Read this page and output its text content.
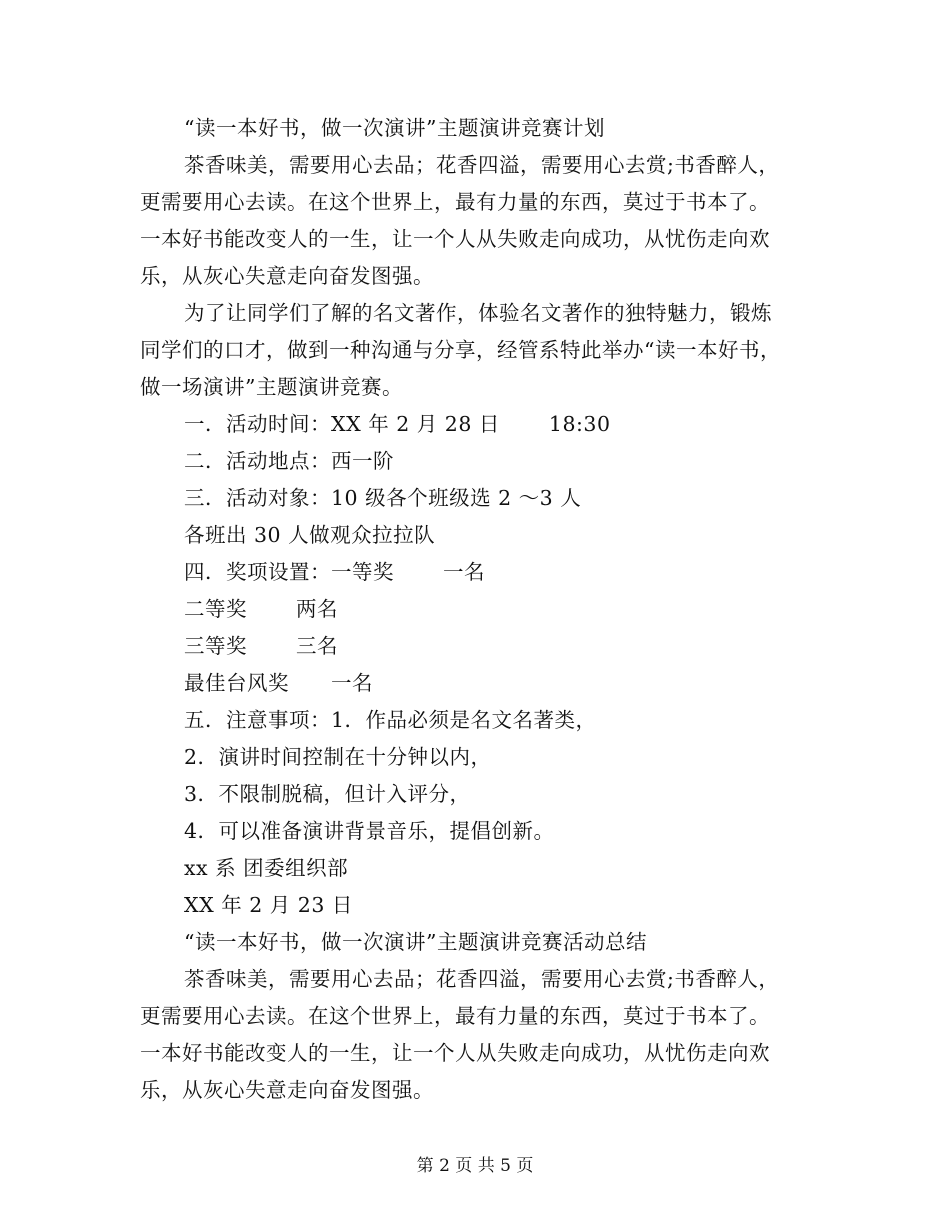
“读一本好书，做一次演讲”主题演讲竞赛计划
茶香味美，需要用心去品；花香四溢，需要用心去赏;书香醉人，
更需要用心去读。在这个世界上，最有力量的东西，莫过于书本了。
一本好书能改变人的一生，让一个人从失败走向成功，从忧伤走向欢
乐，从灰心失意走向奋发图强。
为了让同学们了解的名文著作，体验名文著作的独特魅力，锻炼
同学们的口才，做到一种沟通与分享，经管系特此举办“读一本好书，
做一场演讲”主题演讲竞赛。
一．活动时间：XX 年 2 月 28 日　　 18:30
二．活动地点：西一阶
三．活动对象：10 级各个班级选 2 ～3 人
各班出 30 人做观众拉拉队
四．奖项设置：一等奖　　 一名
二等奖　　 两名
三等奖　　 三名
最佳台风奖　　一名
五．注意事项：1．作品必须是名文名著类，
2．演讲时间控制在十分钟以内，
3．不限制脱稿，但计入评分，
4．可以准备演讲背景音乐，提倡创新。
xx 系 团委组织部
XX 年 2 月 23 日
“读一本好书，做一次演讲”主题演讲竞赛活动总结
茶香味美，需要用心去品；花香四溢，需要用心去赏;书香醉人，
更需要用心去读。在这个世界上，最有力量的东西，莫过于书本了。
一本好书能改变人的一生，让一个人从失败走向成功，从忧伤走向欢
乐，从灰心失意走向奋发图强。
第 2 页 共 5 页
